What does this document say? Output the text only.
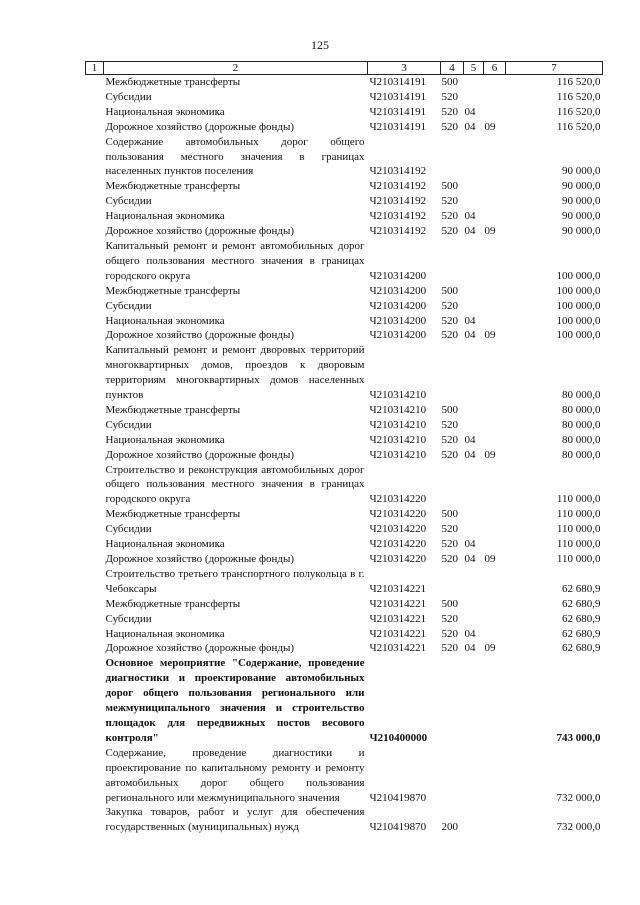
125
1	2	3	4	5	6	7
	Межбюджетные трансферты	Ч210314191	500			116 520,0
	Субсидии	Ч210314191	520			116 520,0
	Национальная экономика	Ч210314191	520	04		116 520,0
	Дорожное хозяйство (дорожные фонды)	Ч210314191	520	04	09	116 520,0
	Содержание автомобильных дорог общего пользования местного значения в границах населенных пунктов поселения	Ч210314192				90 000,0
	Межбюджетные трансферты	Ч210314192	500			90 000,0
	Субсидии	Ч210314192	520			90 000,0
	Национальная экономика	Ч210314192	520	04		90 000,0
	Дорожное хозяйство (дорожные фонды)	Ч210314192	520	04	09	90 000,0
	Капитальный ремонт и ремонт автомобильных дорог общего пользования местного значения в границах городского округа	Ч210314200				100 000,0
	Межбюджетные трансферты	Ч210314200	500			100 000,0
	Субсидии	Ч210314200	520			100 000,0
	Национальная экономика	Ч210314200	520	04		100 000,0
	Дорожное хозяйство (дорожные фонды)	Ч210314200	520	04	09	100 000,0
	Капитальный ремонт и ремонт дворовых территорий многоквартирных домов, проездов к дворовым территориям многоквартирных домов населенных пунктов	Ч210314210				80 000,0
	Межбюджетные трансферты	Ч210314210	500			80 000,0
	Субсидии	Ч210314210	520			80 000,0
	Национальная экономика	Ч210314210	520	04		80 000,0
	Дорожное хозяйство (дорожные фонды)	Ч210314210	520	04	09	80 000,0
	Строительство и реконструкция автомобильных дорог общего пользования местного значения в границах городского округа	Ч210314220				110 000,0
	Межбюджетные трансферты	Ч210314220	500			110 000,0
	Субсидии	Ч210314220	520			110 000,0
	Национальная экономика	Ч210314220	520	04		110 000,0
	Дорожное хозяйство (дорожные фонды)	Ч210314220	520	04	09	110 000,0
	Строительство третьего транспортного полукольца в г. Чебоксары	Ч210314221				62 680,9
	Межбюджетные трансферты	Ч210314221	500			62 680,9
	Субсидии	Ч210314221	520			62 680,9
	Национальная экономика	Ч210314221	520	04		62 680,9
	Дорожное хозяйство (дорожные фонды)	Ч210314221	520	04	09	62 680,9
	Основное мероприятие "Содержание, проведение диагностики и проектирование автомобильных дорог общего пользования регионального или межмуниципального значения и строительство площадок для передвижных постов весового контроля"	Ч210400000				743 000,0
	Содержание, проведение диагностики и проектирование по капитальному ремонту и ремонту автомобильных дорог общего пользования регионального или межмуниципального значения	Ч210419870				732 000,0
	Закупка товаров, работ и услуг для обеспечения государственных (муниципальных) нужд	Ч210419870	200			732 000,0
